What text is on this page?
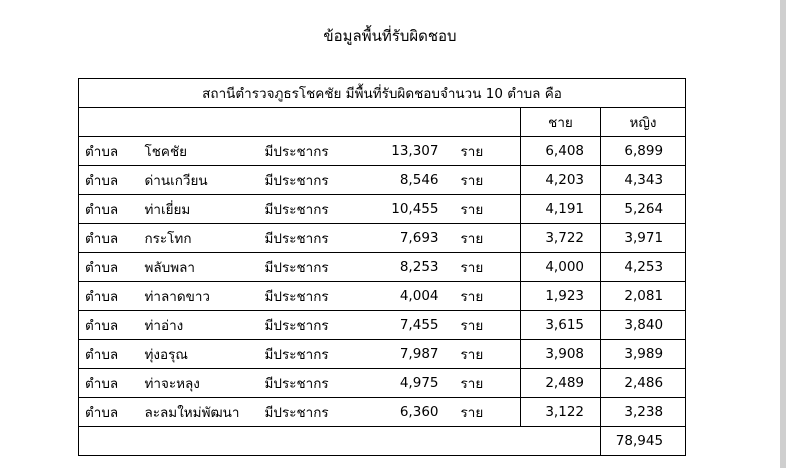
ข้อมูลพื้นที่รับผิดชอบ
สถานีตำรวจภูธรโชคชัย มีพื้นที่รับผิดชอบจำนวน 10 ตำบล คือ						
					ชาย	หญิง
ตำบล	โชคชัย	มีประชากร	13,307	ราย	6,408	6,899
ตำบล	ด่านเกวียน	มีประชากร	8,546	ราย	4,203	4,343
ตำบล	ท่าเยี่ยม	มีประชากร	10,455	ราย	4,191	5,264
ตำบล	กระโทก	มีประชากร	7,693	ราย	3,722	3,971
ตำบล	พลับพลา	มีประชากร	8,253	ราย	4,000	4,253
ตำบล	ท่าลาดขาว	มีประชากร	4,004	ราย	1,923	2,081
ตำบล	ท่าอ่าง	มีประชากร	7,455	ราย	3,615	3,840
ตำบล	ทุ่งอรุณ	มีประชากร	7,987	ราย	3,908	3,989
ตำบล	ท่าจะหลุง	มีประชากร	4,975	ราย	2,489	2,486
ตำบล	ละลมใหม่พัฒนา	มีประชากร	6,360	ราย	3,122	3,238
						78,945
